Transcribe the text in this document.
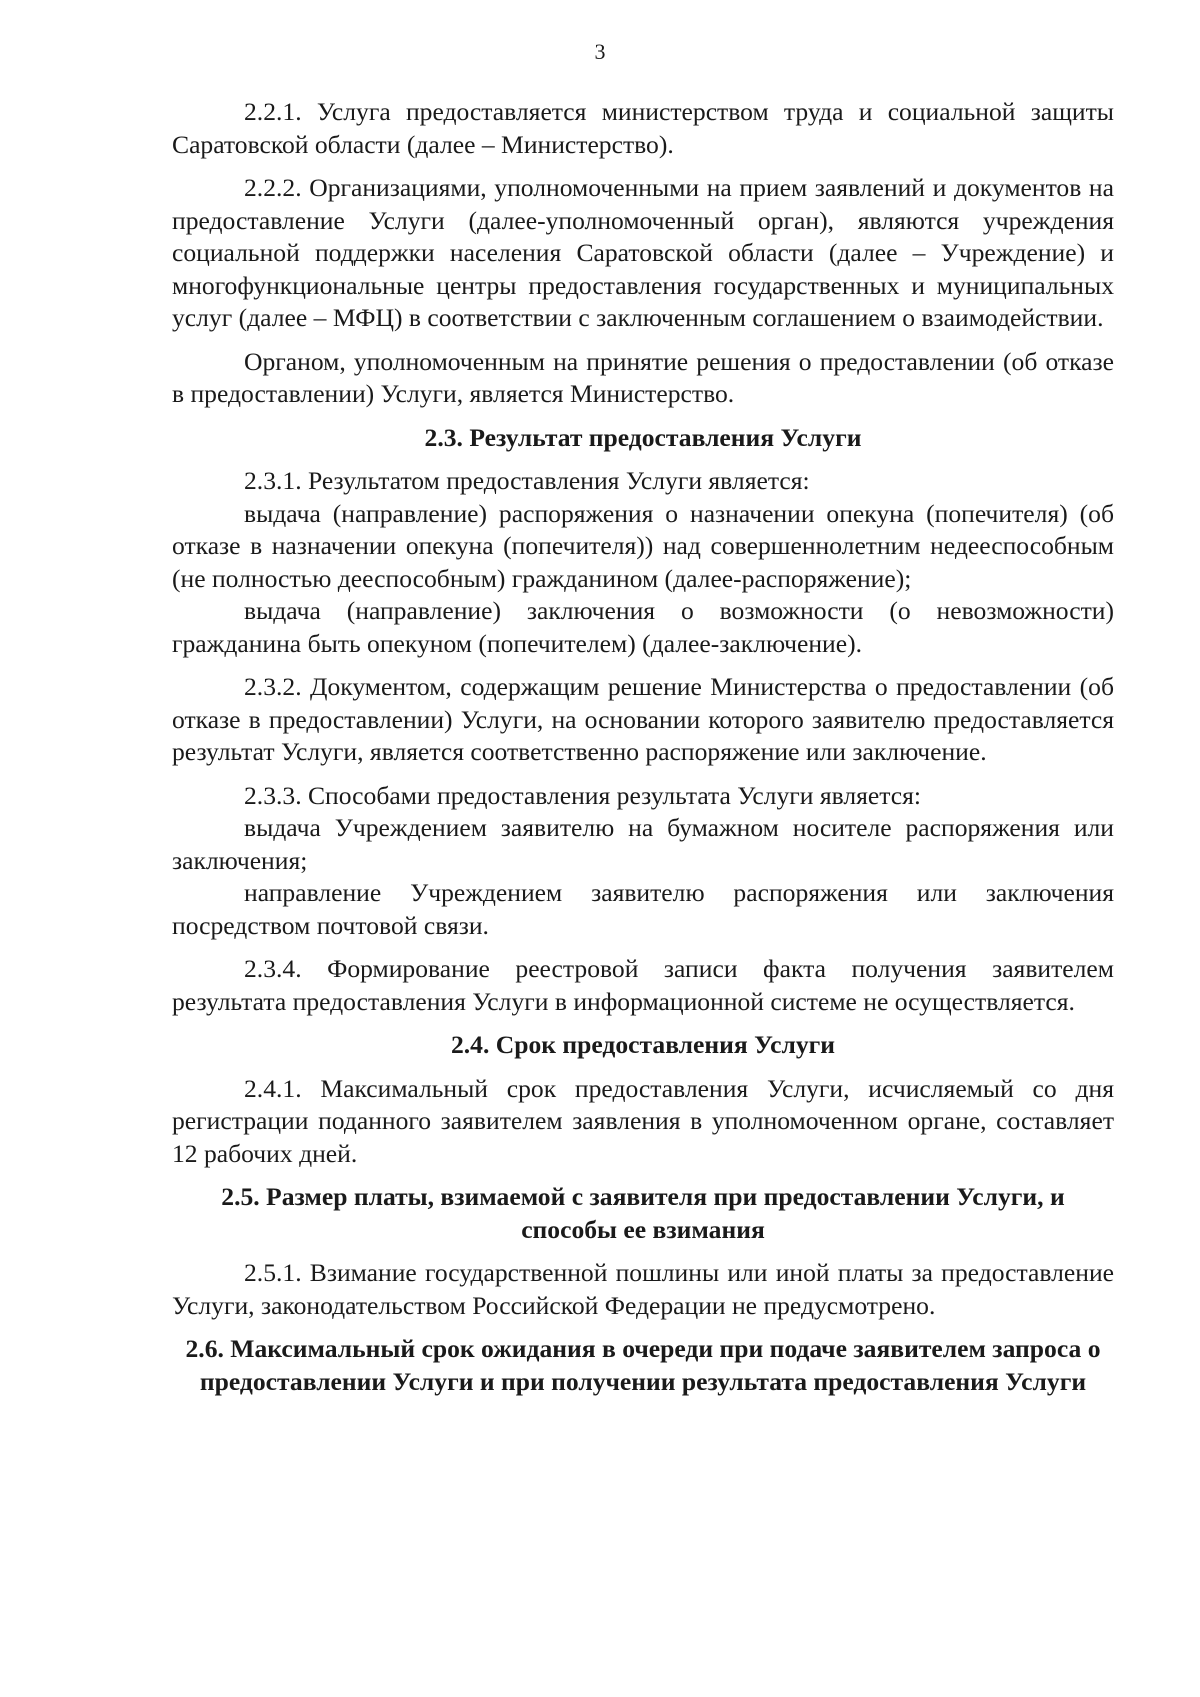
3

2.2.1. Услуга предоставляется министерством труда и социальной защиты Саратовской области (далее – Министерство).

2.2.2. Организациями, уполномоченными на прием заявлений и документов на предоставление Услуги (далее-уполномоченный орган), являются учреждения социальной поддержки населения Саратовской области (далее – Учреждение) и многофункциональные центры предоставления государственных и муниципальных услуг (далее – МФЦ) в соответствии с заключенным соглашением о взаимодействии.

Органом, уполномоченным на принятие решения о предоставлении (об отказе в предоставлении) Услуги, является Министерство.

2.3. Результат предоставления Услуги

2.3.1. Результатом предоставления Услуги является:

выдача (направление) распоряжения о назначении опекуна (попечителя) (об отказе в назначении опекуна (попечителя)) над совершеннолетним недееспособным (не полностью дееспособным) гражданином (далее-распоряжение);

выдача (направление) заключения о возможности (о невозможности) гражданина быть опекуном (попечителем) (далее-заключение).

2.3.2. Документом, содержащим решение Министерства о предоставлении (об отказе в предоставлении) Услуги, на основании которого заявителю предоставляется результат Услуги, является соответственно распоряжение или заключение.

2.3.3. Способами предоставления результата Услуги является:

выдача Учреждением заявителю на бумажном носителе распоряжения или заключения;

направление Учреждением заявителю распоряжения или заключения посредством почтовой связи.

2.3.4. Формирование реестровой записи факта получения заявителем результата предоставления Услуги в информационной системе не осуществляется.

2.4. Срок предоставления Услуги

2.4.1. Максимальный срок предоставления Услуги, исчисляемый со дня регистрации поданного заявителем заявления в уполномоченном органе, составляет 12 рабочих дней.

2.5. Размер платы, взимаемой с заявителя при предоставлении Услуги, и способы ее взимания

2.5.1. Взимание государственной пошлины или иной платы за предоставление Услуги, законодательством Российской Федерации не предусмотрено.

2.6. Максимальный срок ожидания в очереди при подаче заявителем запроса о предоставлении Услуги и при получении результата предоставления Услуги
